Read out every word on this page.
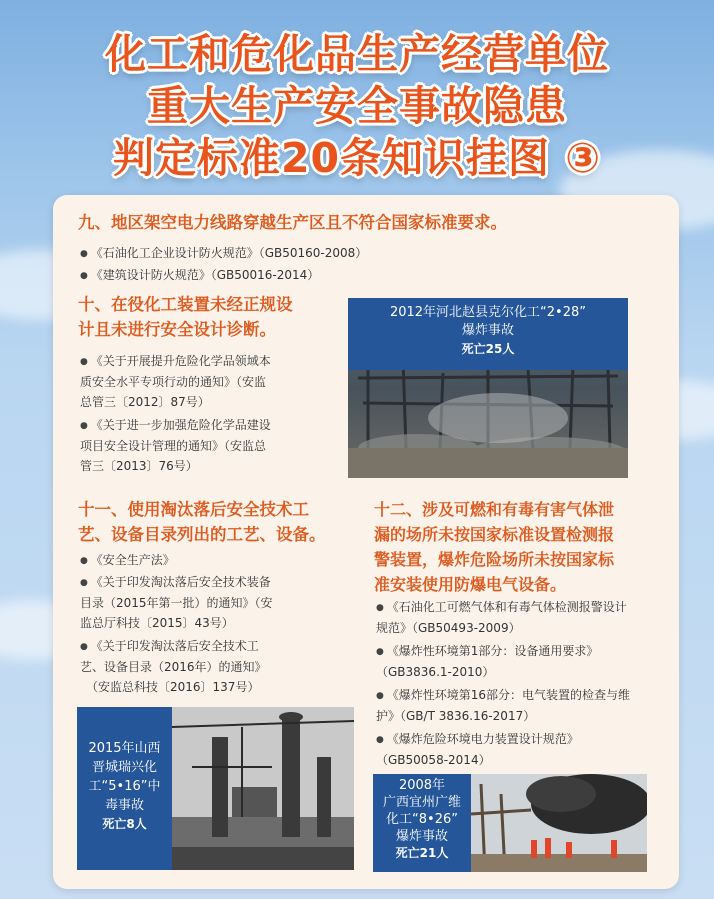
化工和危化品生产经营单位
重大生产安全事故隐患
判定标准20条知识挂图 ③
九、地区架空电力线路穿越生产区且不符合国家标准要求。
● 《石油化工企业设计防火规范》（GB50160-2008）
● 《建筑设计防火规范》（GB50016-2014）
十、在役化工装置未经正规设
计且未进行安全设计诊断。
● 《关于开展提升危险化学品领域本
质安全水平专项行动的通知》（安监
总管三〔2012〕87号）
● 《关于进一步加强危险化学品建设
项目安全设计管理的通知》（安监总
管三〔2013〕76号）
2012年河北赵县克尔化工“2•28”
爆炸事故
死亡25人
十一、使用淘汰落后安全技术工
艺、设备目录列出的工艺、设备。
● 《安全生产法》
● 《关于印发淘汰落后安全技术装备
目录（2015年第一批）的通知》（安
监总厅科技〔2015〕43号）
● 《关于印发淘汰落后安全技术工
艺、设备目录（2016年）的通知》
（安监总科技〔2016〕137号）
2015年山西
晋城瑞兴化
工“5•16”中
毒事故
死亡8人
十二、涉及可燃和有毒有害气体泄
漏的场所未按国家标准设置检测报
警装置，爆炸危险场所未按国家标
准安装使用防爆电气设备。
● 《石油化工可燃气体和有毒气体检测报警设计
规范》（GB50493-2009）
● 《爆炸性环境第1部分：设备通用要求》
（GB3836.1-2010）
● 《爆炸性环境第16部分：电气装置的检查与维
护》（GB/T 3836.16-2017）
● 《爆炸危险环境电力装置设计规范》
（GB50058-2014）
2008年
广西宜州广维
化工“8•26”
爆炸事故
死亡21人
